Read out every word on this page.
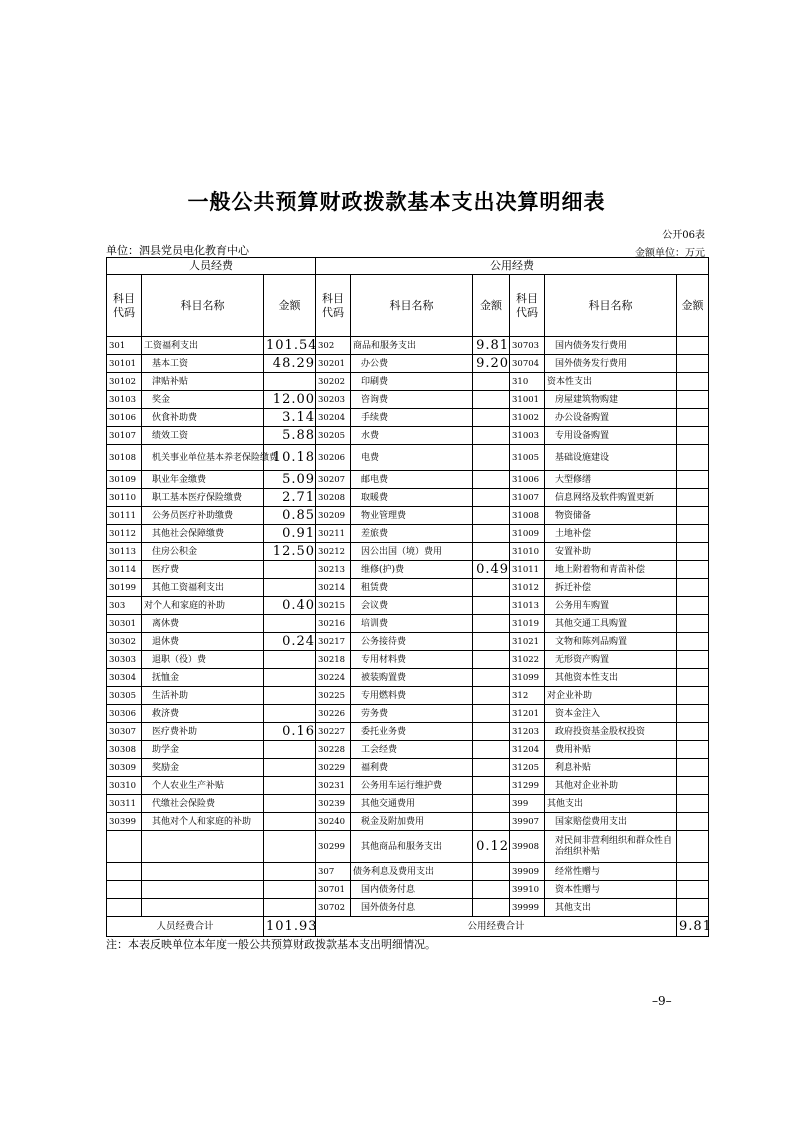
一般公共预算财政拨款基本支出决算明细表
公开06表
单位：泗县党员电化教育中心	金额单位：万元
人员经费			公用经费					
科目代码	科目名称	金额	科目代码	科目名称	金额	科目代码	科目名称	金额
301	工资福利支出	101.54	302	商品和服务支出	9.81	30703	国内债务发行费用	
30101	基本工资	48.29	30201	办公费	9.20	30704	国外债务发行费用	
30102	津贴补贴		30202	印刷费		310	资本性支出	
30103	奖金	12.00	30203	咨询费		31001	房屋建筑物购建	
30106	伙食补助费	3.14	30204	手续费		31002	办公设备购置	
30107	绩效工资	5.88	30205	水费		31003	专用设备购置	
30108	机关事业单位基本养老保险缴费	10.18	30206	电费		31005	基础设施建设	
30109	职业年金缴费	5.09	30207	邮电费		31006	大型修缮	
30110	职工基本医疗保险缴费	2.71	30208	取暖费		31007	信息网络及软件购置更新	
30111	公务员医疗补助缴费	0.85	30209	物业管理费		31008	物资储备	
30112	其他社会保障缴费	0.91	30211	差旅费		31009	土地补偿	
30113	住房公积金	12.50	30212	因公出国（境）费用		31010	安置补助	
30114	医疗费		30213	维修(护)费	0.49	31011	地上附着物和青苗补偿	
30199	其他工资福利支出		30214	租赁费		31012	拆迁补偿	
303	对个人和家庭的补助	0.40	30215	会议费		31013	公务用车购置	
30301	离休费		30216	培训费		31019	其他交通工具购置	
30302	退休费	0.24	30217	公务接待费		31021	文物和陈列品购置	
30303	退职（役）费		30218	专用材料费		31022	无形资产购置	
30304	抚恤金		30224	被装购置费		31099	其他资本性支出	
30305	生活补助		30225	专用燃料费		312	对企业补助	
30306	救济费		30226	劳务费		31201	资本金注入	
30307	医疗费补助	0.16	30227	委托业务费		31203	政府投资基金股权投资	
30308	助学金		30228	工会经费		31204	费用补贴	
30309	奖励金		30229	福利费		31205	利息补贴	
30310	个人农业生产补贴		30231	公务用车运行维护费		31299	其他对企业补助	
30311	代缴社会保险费		30239	其他交通费用		399	其他支出	
30399	其他对个人和家庭的补助		30240	税金及附加费用		39907	国家赔偿费用支出	
			30299	其他商品和服务支出	0.12	39908	对民间非营利组织和群众性自治组织补贴	
			307	债务利息及费用支出		39909	经常性赠与	
			30701	国内债务付息		39910	资本性赠与	
			30702	国外债务付息		39999	其他支出	
人员经费合计		101.93	公用经费合计					9.81
注：本表反映单位本年度一般公共预算财政拨款基本支出明细情况。
–9–
